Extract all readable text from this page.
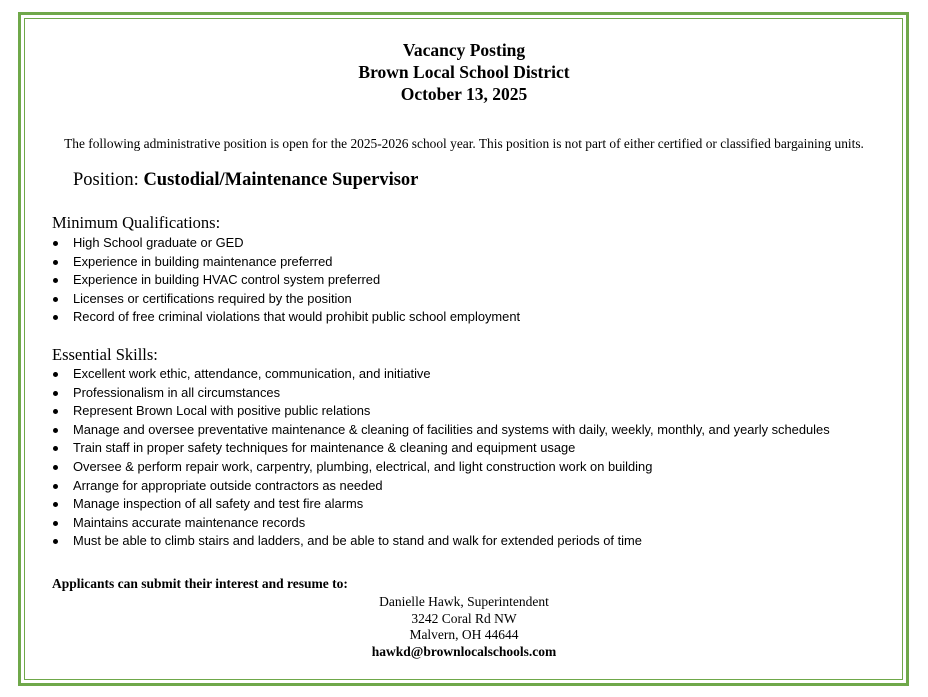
Vacancy Posting
Brown Local School District
October 13, 2025
The following administrative position is open for the 2025-2026 school year. This position is not part of either certified or classified bargaining units.
Position: Custodial/Maintenance Supervisor
Minimum Qualifications:
High School graduate or GED
Experience in building maintenance preferred
Experience in building HVAC control system preferred
Licenses or certifications required by the position
Record of free criminal violations that would prohibit public school employment
Essential Skills:
Excellent work ethic, attendance, communication, and initiative
Professionalism in all circumstances
Represent Brown Local with positive public relations
Manage and oversee preventative maintenance & cleaning of facilities and systems with daily, weekly, monthly, and yearly schedules
Train staff in proper safety techniques for maintenance & cleaning and equipment usage
Oversee & perform repair work, carpentry, plumbing, electrical, and light construction work on building
Arrange for appropriate outside contractors as needed
Manage inspection of all safety and test fire alarms
Maintains accurate maintenance records
Must be able to climb stairs and ladders, and be able to stand and walk for extended periods of time
Applicants can submit their interest and resume to:
Danielle Hawk, Superintendent
3242 Coral Rd NW
Malvern, OH 44644
hawkd@brownlocalschools.com
